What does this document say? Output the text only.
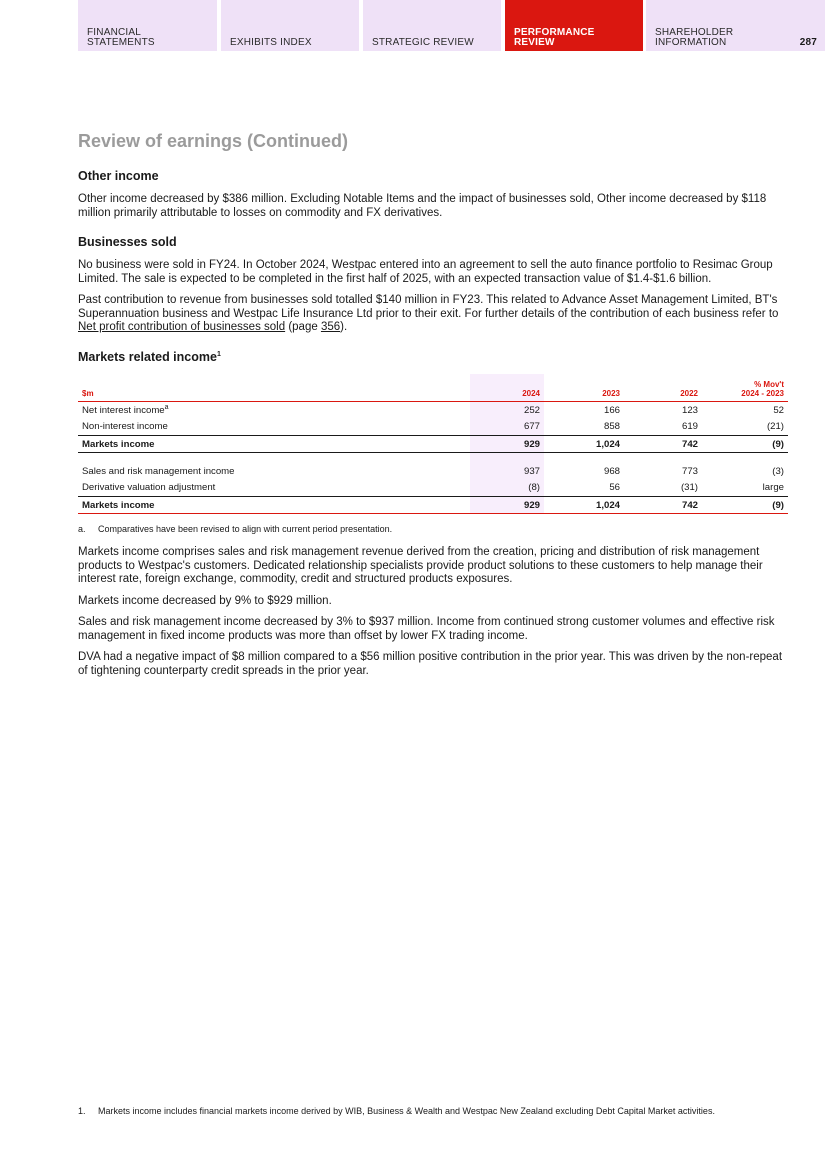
FINANCIAL
STATEMENTS	EXHIBITS INDEX	STRATEGIC REVIEW
PERFORMANCE
REVIEW
SHAREHOLDER
INFORMATION	287
Review of earnings (Continued)
Other income

Other income decreased by $386 million. Excluding Notable Items and the impact of businesses sold, Other income decreased by $118 million primarily attributable to losses on commodity and FX derivatives.

Businesses sold

No business were sold in FY24. In October 2024, Westpac entered into an agreement to sell the auto finance portfolio to Resimac Group Limited. The sale is expected to be completed in the first half of 2025, with an expected transaction value of $1.4-$1.6 billion.

Past contribution to revenue from businesses sold totalled $140 million in FY23. This related to Advance Asset Management Limited, BT's Superannuation business and Westpac Life Insurance Ltd prior to their exit. For further details of the contribution of each business refer to Net profit contribution of businesses sold (page 356).

Markets related income$^1$
$m	2024	2023	2022	% Mov't
2024 - 2023
Net interest income$^a$	252	166	123	52
Non-interest income	677	858	619	(21)
Markets income	929	1,024	742	(9)

Sales and risk management income	937	968	773	(3)
Derivative valuation adjustment	(8)	56	(31)	large
Markets income	929	1,024	742	(9)
a.	Comparatives have been revised to align with current period presentation.

Markets income comprises sales and risk management revenue derived from the creation, pricing and distribution of risk management products to Westpac's customers. Dedicated relationship specialists provide product solutions to these customers to help manage their interest rate, foreign exchange, commodity, credit and structured products exposures.

Markets income decreased by 9% to $929 million.

Sales and risk management income decreased by 3% to $937 million. Income from continued strong customer volumes and effective risk management in fixed income products was more than offset by lower FX trading income.

DVA had a negative impact of $8 million compared to a $56 million positive contribution in the prior year. This was driven by the non-repeat of tightening counterparty credit spreads in the prior year.

1.	Markets income includes financial markets income derived by WIB, Business & Wealth and Westpac New Zealand excluding Debt Capital Market activities.
